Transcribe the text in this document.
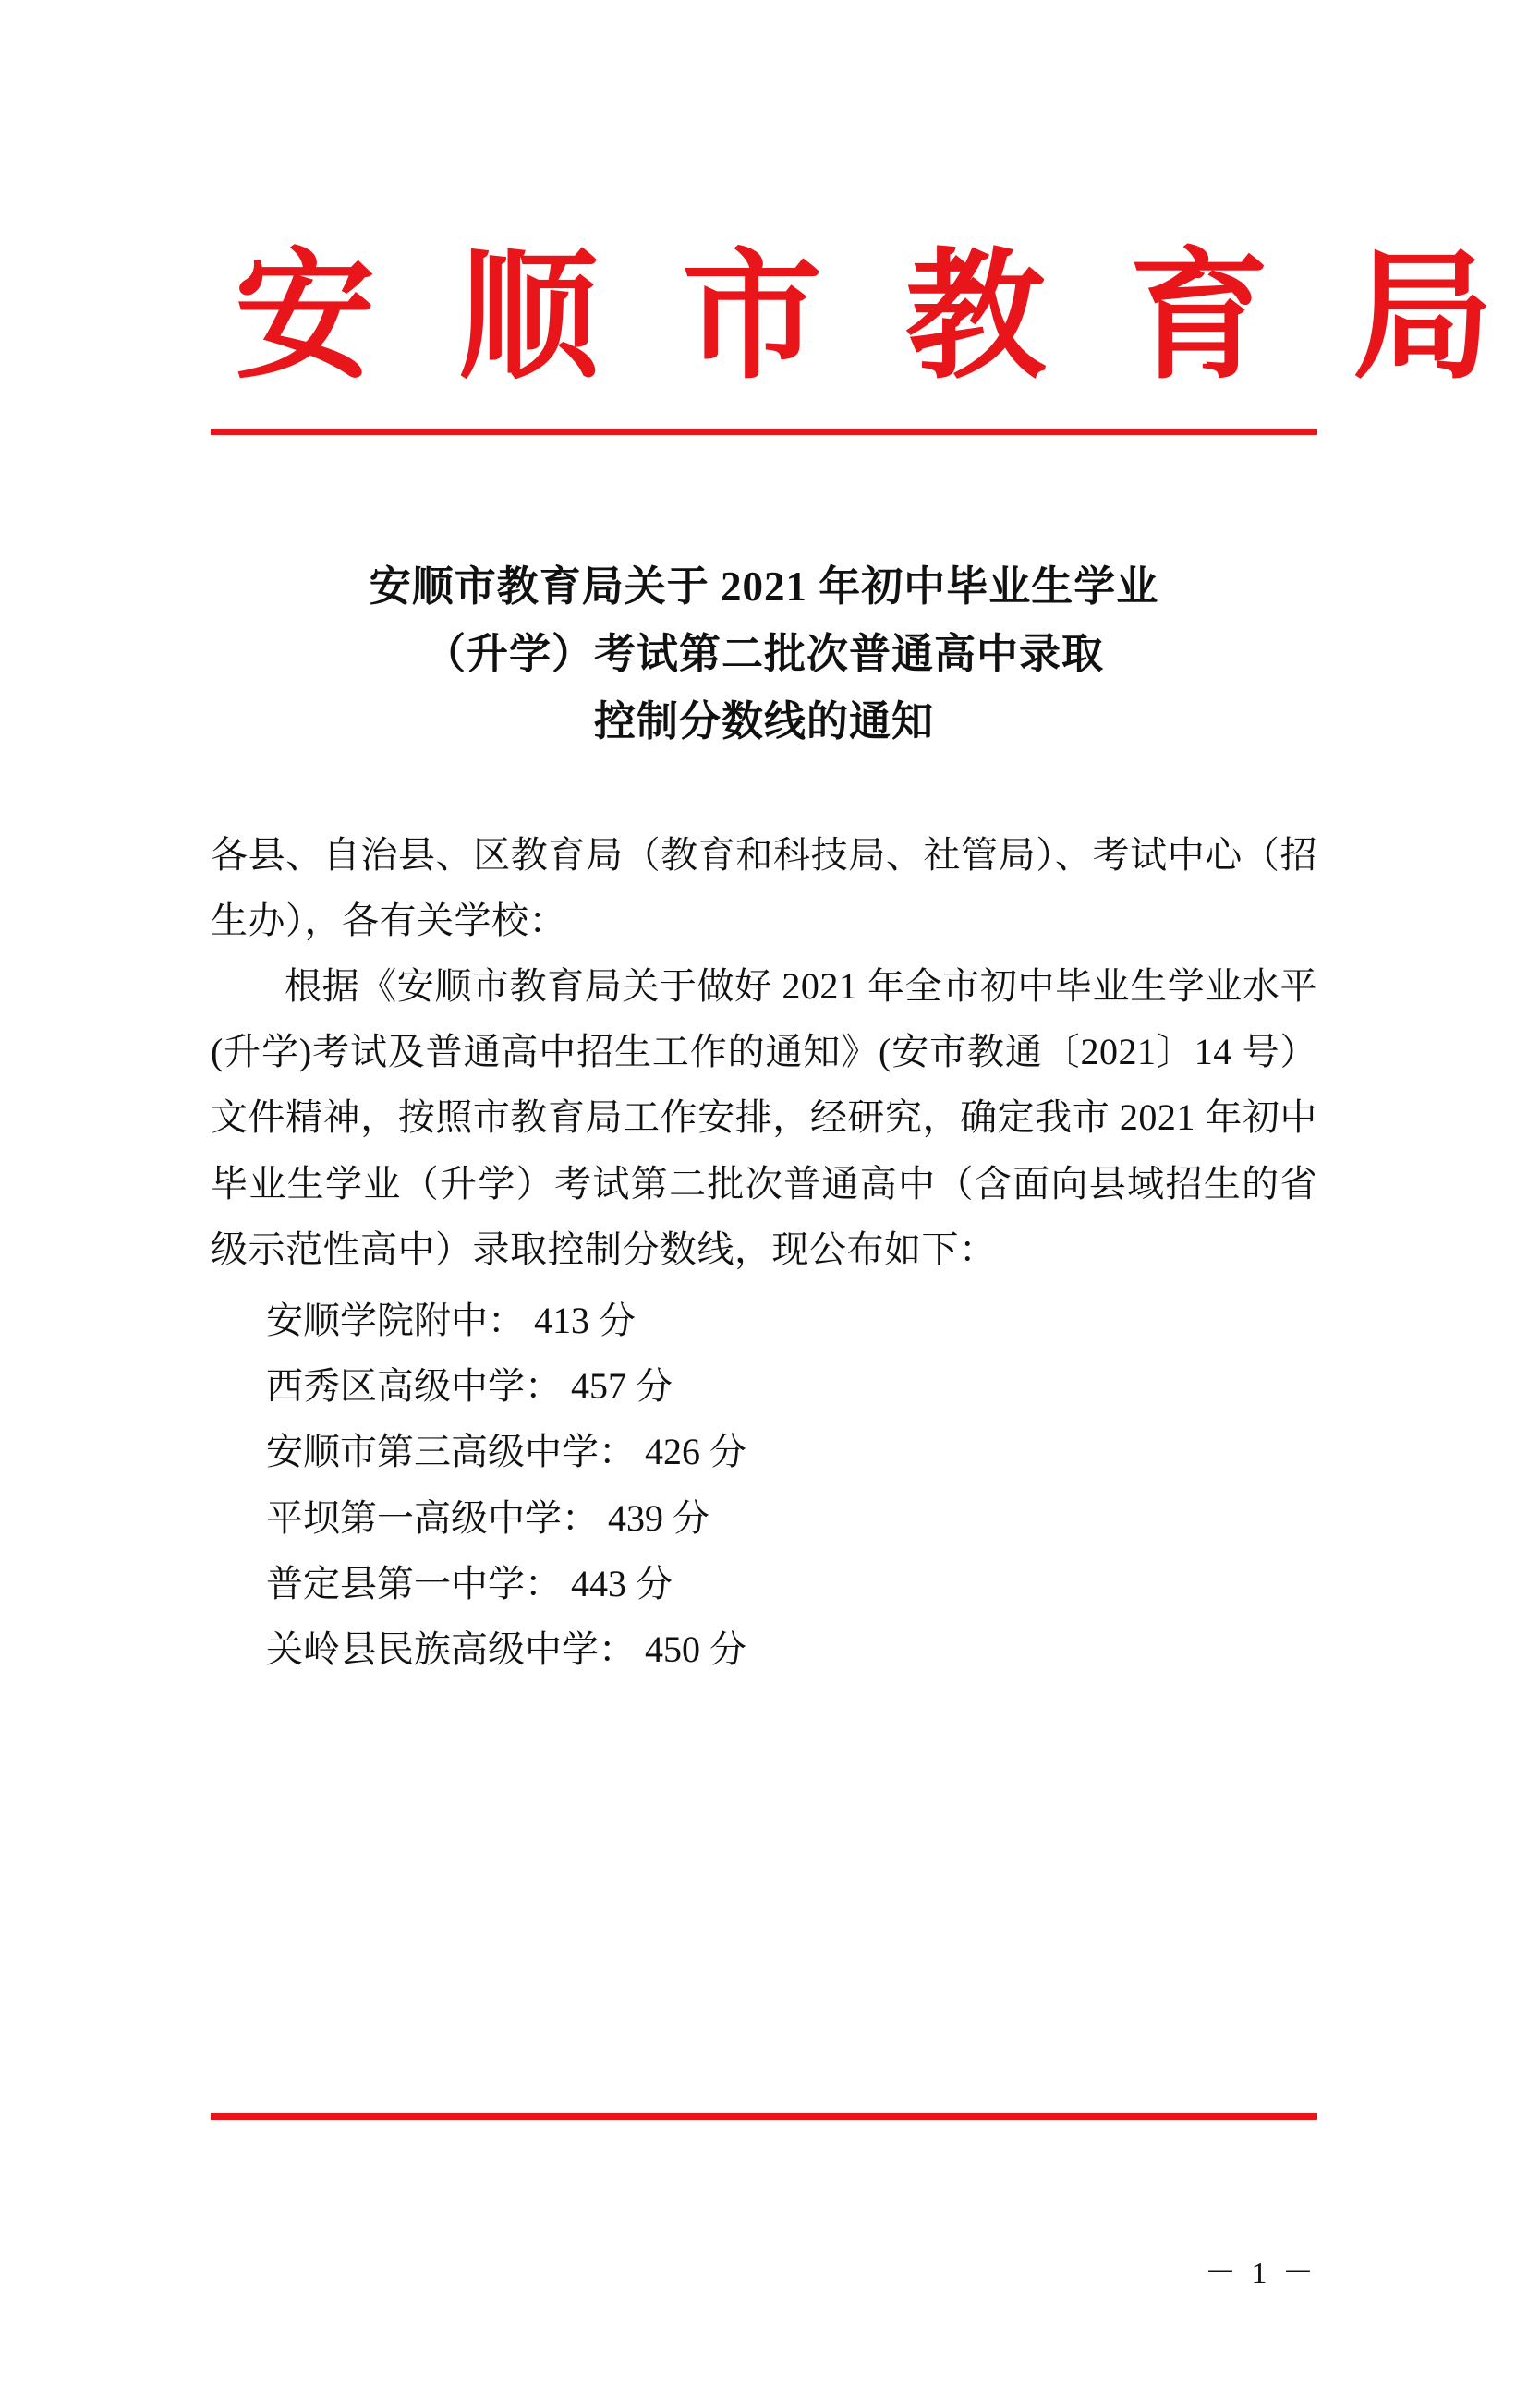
安 顺 市 教 育 局
安顺市教育局关于 2021 年初中毕业生学业
（升学）考试第二批次普通高中录取
控制分数线的通知

各县、自治县、区教育局（教育和科技局、社管局）、考试中心（招生办），各有关学校：

根据《安顺市教育局关于做好 2021 年全市初中毕业生学业水平(升学)考试及普通高中招生工作的通知》(安市教通〔2021〕14 号）文件精神，按照市教育局工作安排，经研究，确定我市 2021 年初中毕业生学业（升学）考试第二批次普通高中（含面向县域招生的省级示范性高中）录取控制分数线，现公布如下：

安顺学院附中： 413 分
西秀区高级中学： 457 分
安顺市第三高级中学： 426 分
平坝第一高级中学： 439 分
普定县第一中学： 443 分
关岭县民族高级中学： 450 分
－ 1 －
